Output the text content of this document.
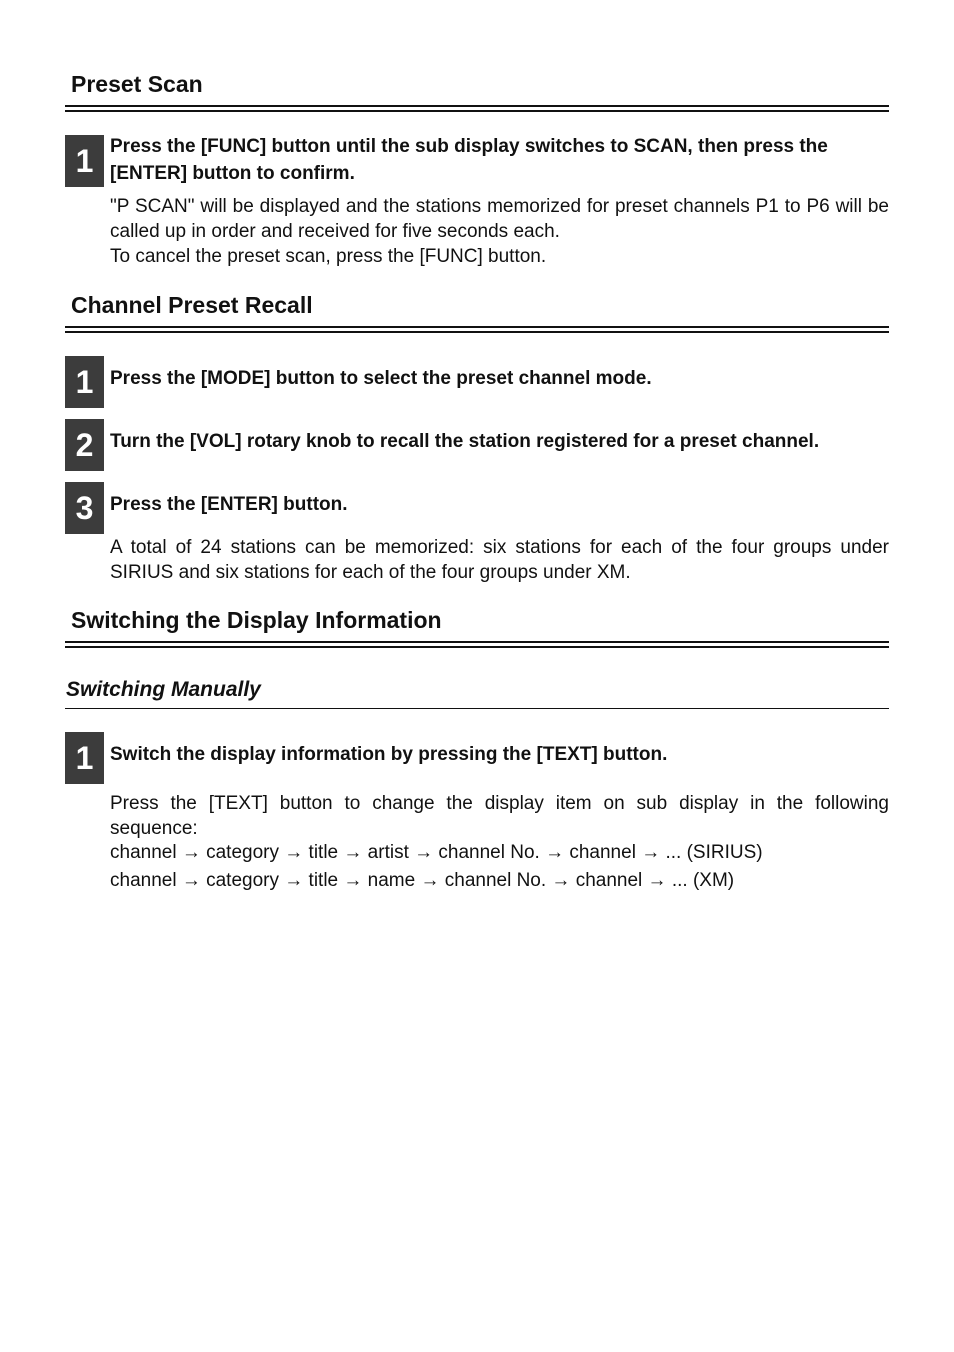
Preset Scan
1 Press the [FUNC] button until the sub display switches to SCAN, then press the [ENTER] button to confirm.
"P SCAN" will be displayed and the stations memorized for preset channels P1 to P6 will be called up in order and received for five seconds each.
To cancel the preset scan, press the [FUNC] button.
Channel Preset Recall
1 Press the [MODE] button to select the preset channel mode.
2 Turn the [VOL] rotary knob to recall the station registered for a preset channel.
3 Press the [ENTER] button.
A total of 24 stations can be memorized: six stations for each of the four groups under SIRIUS and six stations for each of the four groups under XM.
Switching the Display Information
Switching Manually
1 Switch the display information by pressing the [TEXT] button.
Press the [TEXT] button to change the display item on sub display in the following sequence:
channel → category → title → artist → channel No. → channel → ... (SIRIUS)
channel → category → title → name → channel No. → channel → ... (XM)
